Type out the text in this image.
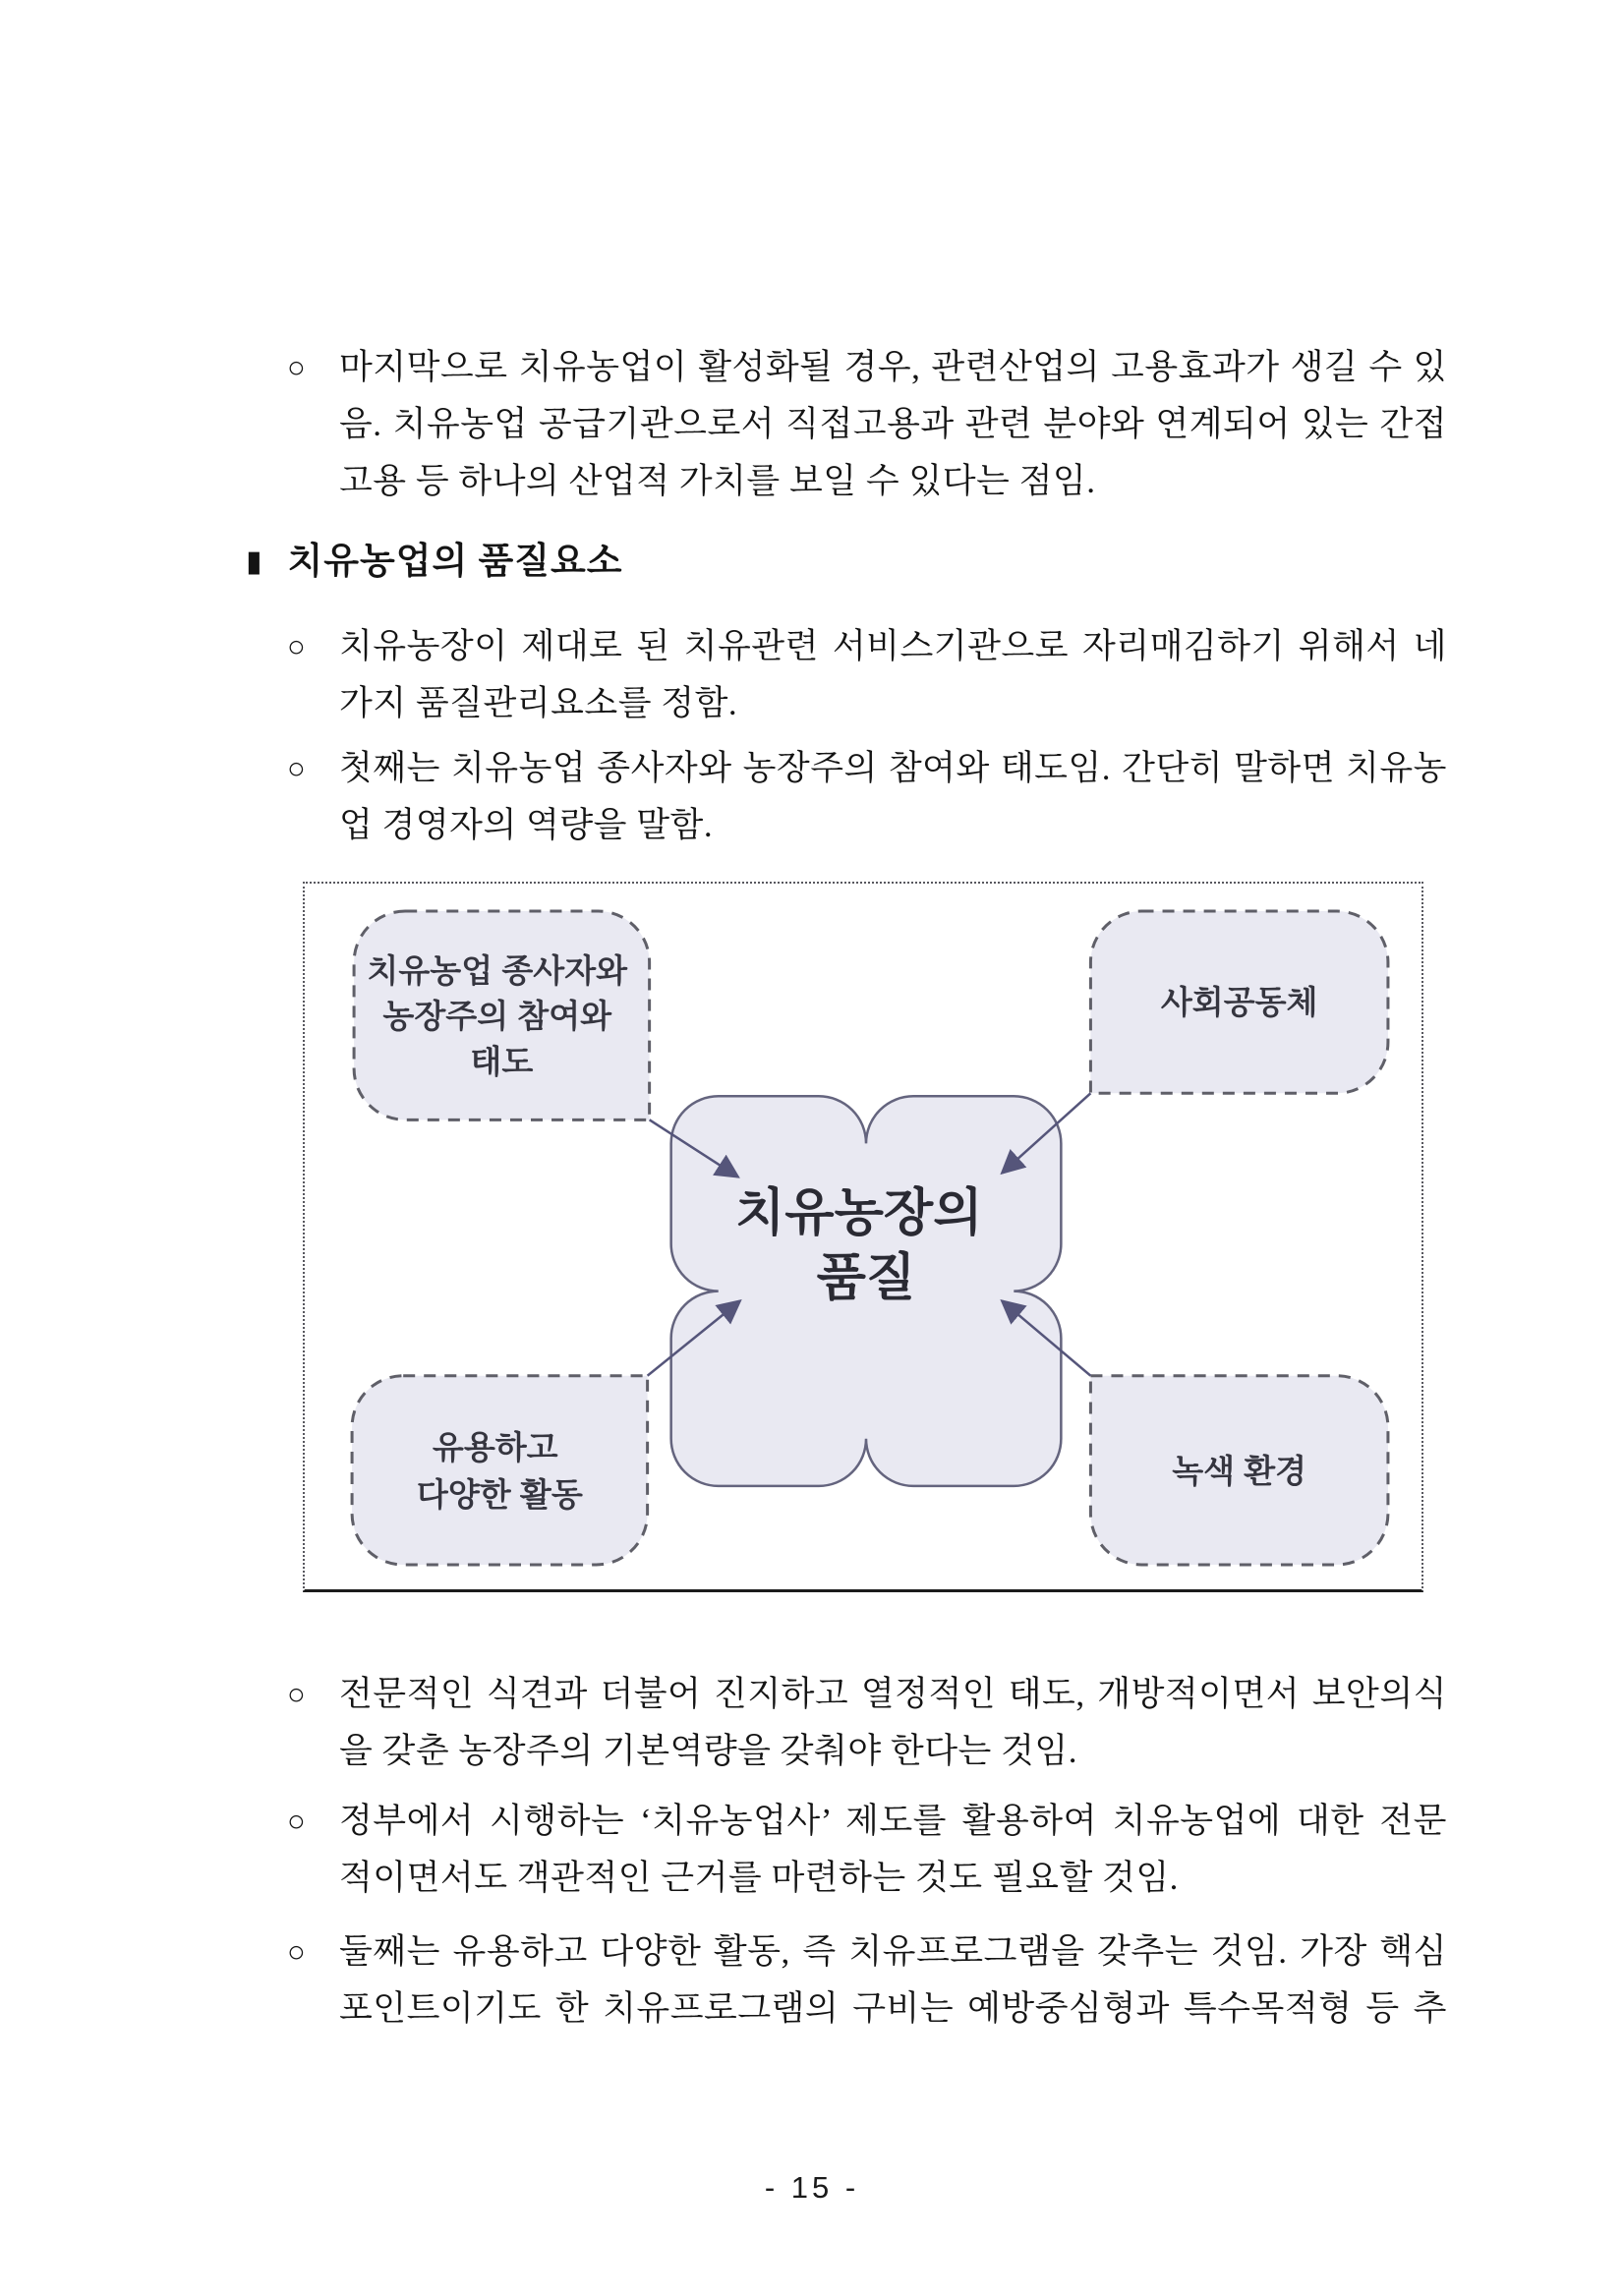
○ 마지막으로 치유농업이 활성화될 경우, 관련산업의 고용효과가 생길 수 있
음. 치유농업 공급기관으로서 직접고용과 관련 분야와 연계되어 있는 간접
고용 등 하나의 산업적 가치를 보일 수 있다는 점임.
▮ 치유농업의 품질요소
○ 치유농장이 제대로 된 치유관련 서비스기관으로 자리매김하기 위해서 네
가지 품질관리요소를 정함.
○ 첫째는 치유농업 종사자와 농장주의 참여와 태도임. 간단히 말하면 치유농
업 경영자의 역량을 말함.
치유농업 종사자와 농장주의 참여와 태도
사회공동체
유용하고 다양한 활동
녹색 환경
치유농장의 품질
○ 전문적인 식견과 더불어 진지하고 열정적인 태도, 개방적이면서 보안의식
을 갖춘 농장주의 기본역량을 갖춰야 한다는 것임.
○ 정부에서 시행하는 ‘치유농업사’ 제도를 활용하여 치유농업에 대한 전문
적이면서도 객관적인 근거를 마련하는 것도 필요할 것임.
○ 둘째는 유용하고 다양한 활동, 즉 치유프로그램을 갖추는 것임. 가장 핵심
포인트이기도 한 치유프로그램의 구비는 예방중심형과 특수목적형 등 추
- 15 -
